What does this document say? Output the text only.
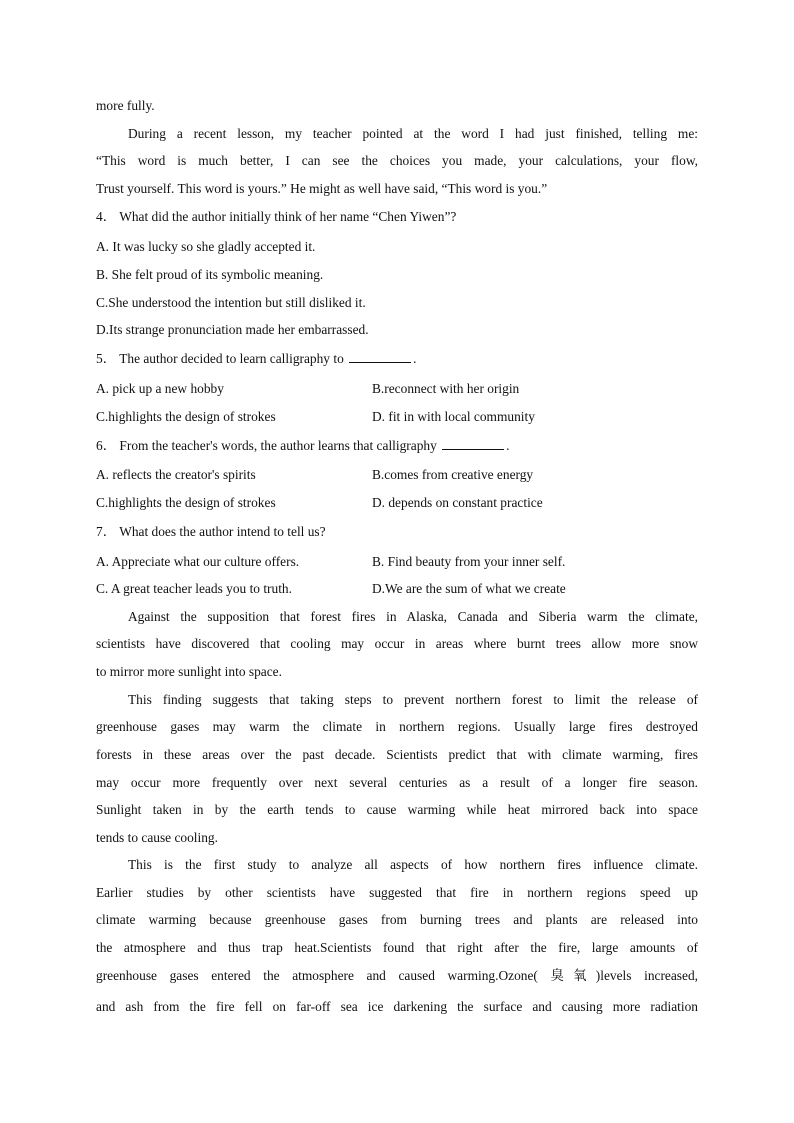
more fully.
During a recent lesson, my teacher pointed at the word I had just finished, telling me:
“This word is much better, I can see the choices you made, your calculations, your flow,
Trust yourself. This word is yours.” He might as well have said, “This word is you.”
4． What did the author initially think of her name “Chen Yiwen”?
A. It was lucky so she gladly accepted it.
B. She felt proud of its symbolic meaning.
C.She understood the intention but still disliked it.
D.Its strange pronunciation made her embarrassed.
5． The author decided to learn calligraphy to	.
A. pick up a new hobby	B.reconnect with her origin
C.highlights the design of strokes	D. fit in with local community
6． From the teacher's words, the author learns that calligraphy	.
A. reflects the creator's spirits	B.comes from creative energy
C.highlights the design of strokes	D. depends on constant practice
7． What does the author intend to tell us?
A. Appreciate what our culture offers.	B. Find beauty from your inner self.
C. A great teacher leads you to truth.	D.We are the sum of what we create
Against the supposition that forest fires in Alaska, Canada and Siberia warm the climate,
scientists have discovered that cooling may occur in areas where burnt trees allow more snow
to mirror more sunlight into space.
This finding suggests that taking steps to prevent northern forest to limit the release of
greenhouse gases may warm the climate in northern regions. Usually large fires destroyed
forests in these areas over the past decade. Scientists predict that with climate warming, fires
may occur more frequently over next several centuries as a result of a longer fire season.
Sunlight taken in by the earth tends to cause warming while heat mirrored back into space
tends to cause cooling.
This is the first study to analyze all aspects of how northern fires influence climate.
Earlier studies by other scientists have suggested that fire in northern regions speed up
climate warming because greenhouse gases from burning trees and plants are released into
the atmosphere and thus trap heat.Scientists found that right after the fire, large amounts of
greenhouse gases entered the atmosphere and caused warming.Ozone( 臭氧)levels increased,
and ash from the fire fell on far-off sea ice darkening the surface and causing more radiation
